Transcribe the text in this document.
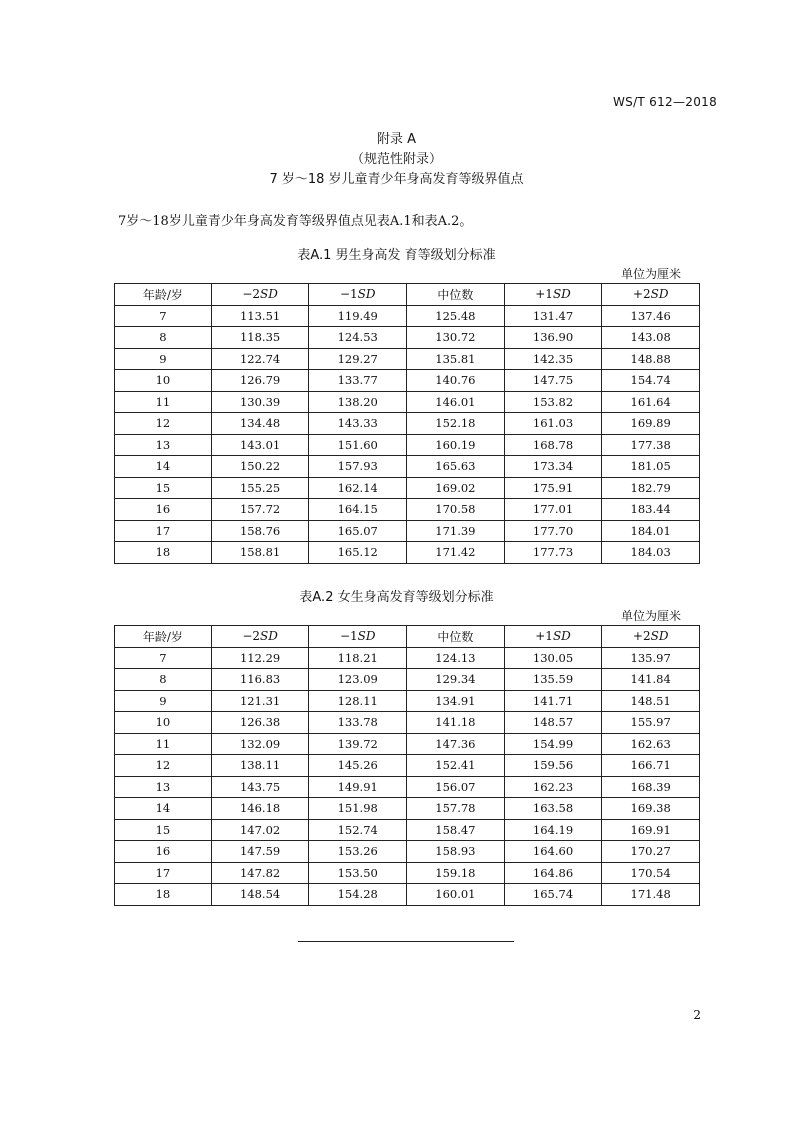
WS/T 612—2018
附录 A
（规范性附录）
7 岁～18 岁儿童青少年身高发育等级界值点
7岁～18岁儿童青少年身高发育等级界值点见表A.1和表A.2。
表A.1 男生身高发 育等级划分标准
单位为厘米
年龄/岁	−2SD	−1SD	中位数	+1SD	+2SD
7	113.51	119.49	125.48	131.47	137.46
8	118.35	124.53	130.72	136.90	143.08
9	122.74	129.27	135.81	142.35	148.88
10	126.79	133.77	140.76	147.75	154.74
11	130.39	138.20	146.01	153.82	161.64
12	134.48	143.33	152.18	161.03	169.89
13	143.01	151.60	160.19	168.78	177.38
14	150.22	157.93	165.63	173.34	181.05
15	155.25	162.14	169.02	175.91	182.79
16	157.72	164.15	170.58	177.01	183.44
17	158.76	165.07	171.39	177.70	184.01
18	158.81	165.12	171.42	177.73	184.03
表A.2 女生身高发育等级划分标准
单位为厘米
年龄/岁	−2SD	−1SD	中位数	+1SD	+2SD
7	112.29	118.21	124.13	130.05	135.97
8	116.83	123.09	129.34	135.59	141.84
9	121.31	128.11	134.91	141.71	148.51
10	126.38	133.78	141.18	148.57	155.97
11	132.09	139.72	147.36	154.99	162.63
12	138.11	145.26	152.41	159.56	166.71
13	143.75	149.91	156.07	162.23	168.39
14	146.18	151.98	157.78	163.58	169.38
15	147.02	152.74	158.47	164.19	169.91
16	147.59	153.26	158.93	164.60	170.27
17	147.82	153.50	159.18	164.86	170.54
18	148.54	154.28	160.01	165.74	171.48
2
